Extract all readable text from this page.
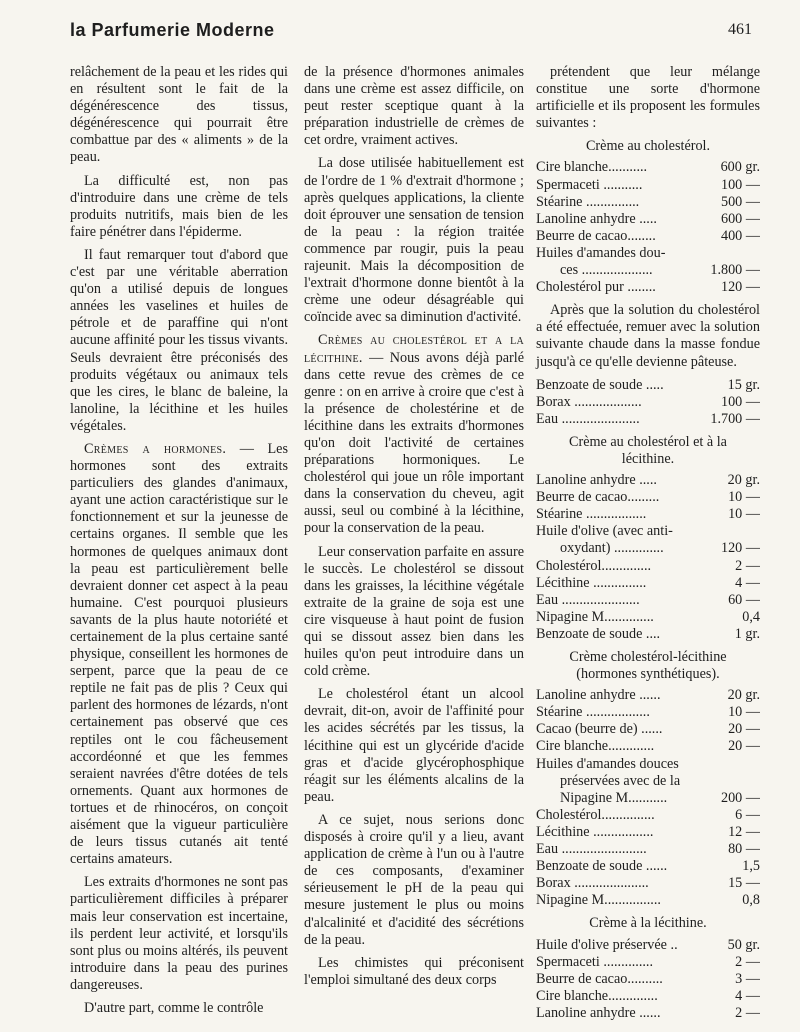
la Parfumerie Moderne	461

relâchement de la peau et les rides qui en résultent sont le fait de la dégénérescence des tissus, dégénérescence qui pourrait être combattue par des « aliments » de la peau.

La difficulté est, non pas d'introduire dans une crème de tels produits nutritifs, mais bien de les faire pénétrer dans l'épiderme.

Il faut remarquer tout d'abord que c'est par une véritable aberration qu'on a utilisé depuis de longues années les vaselines et huiles de pétrole et de paraffine qui n'ont aucune affinité pour les tissus vivants. Seuls devraient être préconisés des produits végétaux ou animaux tels que les cires, le blanc de baleine, la lanoline, la lécithine et les huiles végétales.

Crèmes a hormones. — Les hormones sont des extraits particuliers des glandes d'animaux, ayant une action caractéristique sur le fonctionnement et sur la jeunesse de certains organes. Il semble que les hormones de quelques animaux dont la peau est particulièrement belle devraient donner cet aspect à la peau humaine. C'est pourquoi plusieurs savants de la plus haute notoriété et certainement de la plus certaine santé physique, conseillent les hormones de serpent, parce que la peau de ce reptile ne fait pas de plis ? Ceux qui parlent des hormones de lézards, n'ont certainement pas observé que ces reptiles ont le cou fâcheusement accordéonné et que les femmes seraient navrées d'être dotées de tels ornements. Quant aux hormones de tortues et de rhinocéros, on conçoit aisément que la vigueur particulière de leurs tissus cutanés ait tenté certains amateurs.

Les extraits d'hormones ne sont pas particulièrement difficiles à préparer mais leur conservation est incertaine, ils perdent leur activité, et lorsqu'ils sont plus ou moins altérés, ils peuvent introduire dans la peau des purines dangereuses.

D'autre part, comme le contrôle

de la présence d'hormones animales dans une crème est assez difficile, on peut rester sceptique quant à la préparation industrielle de crèmes de cet ordre, vraiment actives.

La dose utilisée habituellement est de l'ordre de 1 % d'extrait d'hormone ; après quelques applications, la cliente doit éprouver une sensation de tension de la peau : la région traitée commence par rougir, puis la peau rajeunit. Mais la décomposition de l'extrait d'hormone donne bientôt à la crème une odeur désagréable qui coïncide avec sa diminution d'activité.

Crèmes au cholestérol et a la lécithine. — Nous avons déjà parlé dans cette revue des crèmes de ce genre : on en arrive à croire que c'est à la présence de cholestérine et de lécithine dans les extraits d'hormones qu'on doit l'activité de certaines préparations hormoniques. Le cholestérol qui joue un rôle important dans la conservation du cheveu, agit aussi, seul ou combiné à la lécithine, pour la conservation de la peau.

Leur conservation parfaite en assure le succès. Le cholestérol se dissout dans les graisses, la lécithine végétale extraite de la graine de soja est une cire visqueuse à haut point de fusion qui se dissout assez bien dans les huiles qu'on peut introduire dans un cold crème.

Le cholestérol étant un alcool devrait, dit-on, avoir de l'affinité pour les acides sécrétés par les tissus, la lécithine qui est un glycéride d'acide gras et d'acide glycérophosphique réagit sur les éléments alcalins de la peau.

A ce sujet, nous serions donc disposés à croire qu'il y a lieu, avant application de crème à l'un ou à l'autre de ces composants, d'examiner sérieusement le pH de la peau qui mesure justement le plus ou moins d'alcalinité et d'acidité des sécrétions de la peau.

Les chimistes qui préconisent l'emploi simultané des deux corps

prétendent que leur mélange constitue une sorte d'hormone artificielle et ils proposent les formules suivantes :

Crème au cholestérol.
Cire blanche...........	600 gr.
Spermaceti ...........	100 —
Stéarine ...............	500 —
Lanoline anhydre .....	600 —
Beurre de cacao........	400 —
Huiles d'amandes dou-
ces ....................	1.800 —
Cholestérol pur ........	120 —

Après que la solution du cholestérol a été effectuée, remuer avec la solution suivante chaude dans la masse fondue jusqu'à ce qu'elle devienne pâteuse.

Benzoate de soude .....	15 gr.
Borax ...................	100 —
Eau ......................	1.700 —
Crème au cholestérol et à la
lécithine.
Lanoline anhydre .....	20 gr.
Beurre de cacao.........	10 —
Stéarine .................	10 —
Huile d'olive (avec anti-
oxydant) ..............	120 —
Cholestérol..............	2 —
Lécithine ...............	4 —
Eau ......................	60 —
Nipagine M..............	0,4
Benzoate de soude ....	1 gr.
Crème cholestérol-lécithine
(hormones synthétiques).
Lanoline anhydre ......	20 gr.
Stéarine ..................	10 —
Cacao (beurre de) ......	20 —
Cire blanche.............	20 —
Huiles d'amandes douces
préservées avec de la
Nipagine M...........	200 —
Cholestérol...............	6 —
Lécithine .................	12 —
Eau ........................	80 —
Benzoate de soude ......	1,5
Borax .....................	15 —
Nipagine M................	0,8
Crème à la lécithine.
Huile d'olive préservée ..	50 gr.
Spermaceti ..............	2 —
Beurre de cacao..........	3 —
Cire blanche..............	4 —
Lanoline anhydre ......	2 —
